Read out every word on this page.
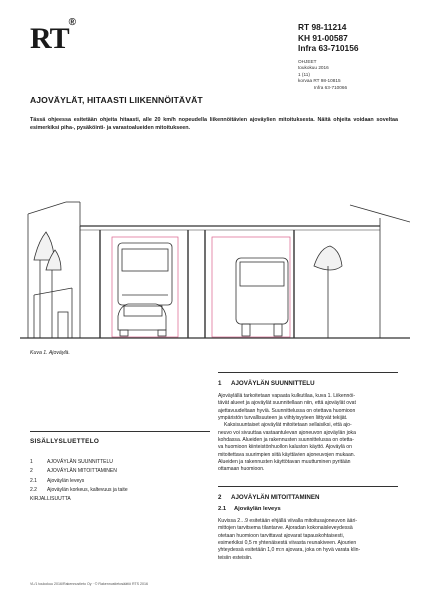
RT®	RT 98-11214
KH 91-00587
Infra 63-710156
OHJEET
toukokuu 2016
1 (11)
korvaa RT 98-10815
Infra 63-710066
AJOVÄYLÄT, HITAASTI LIIKENNÖITÄVÄT
Tässä ohjeessa esitetään ohjeita hitaasti, alle 20 km/h nopeudella liikennöitävien ajoväylien mitoituksesta. Näitä ohjeita voidaan soveltaa esimerkiksi piha-, pysäköinti- ja varastoalueiden mitoitukseen.
Kuva 1. Ajoväylä.
SISÄLLYSLUETTELO
1	AJOVÄYLÄN SUUNNITTELU
2	AJOVÄYLÄN MITOITTAMINEN
2.1 Ajoväylän leveys
2.2 Ajoväylän korkeus, kaltevuus ja taite
KIRJALLISUUTTA
1 AJOVÄYLÄN SUUNNITTELU
Ajoväylällä tarkoitetaan vapaata kulkutilaa, kuva 1. Liikennöi-
tävät alueet ja ajoväylät suunnitellaan niin, että ajoväylät ovat
ajettavuudeltaan hyviä. Suunnittelussa on otettava huomioon
ympäristön turvallisuuteen ja viihtyisyyteen liittyvät tekijät.
Kaksisuuntaiset ajoväylät mitoitetaan sellaisiksi, että ajo-
neuvo voi sivuuttaa vastaantulevan ajoneuvon ajoväylän joka
kohdassa. Alueiden ja rakennusten suunnittelussa on otetta-
va huomioon kiinteistönhuollon kaluston käyttö. Ajoväylä on
mitoitettava suurimpien siitä käyttävien ajoneuvojen mukaan.
Alueiden ja rakennusten käyttötavan muuttuminen pyritään
ottamaan huomioon.
2 AJOVÄYLÄN MITOITTAMINEN
2.1 Ajoväylän leveys
Kuvissa 2…9 esitetään ehjällä viivalla mitoitusajoneuvon ääri-
mittojen tarvitsema tilantarve. Ajoradan kokonaisleveydessä
otetaan huomioon tarvittavat ajovarat tapauskohtaisesti,
esimerkiksi 0,5 m yhtenäisestä viivasta reunakiveen. Ajourien
yhteydessä esitetään 1,0 m:n ajovara, joka on hyvä varata klin-
teisiin esteisiin.
VL/1 toukokuu 2016/Rakennustieto Oy · © Rakennustietosäätiö RTS 2016
